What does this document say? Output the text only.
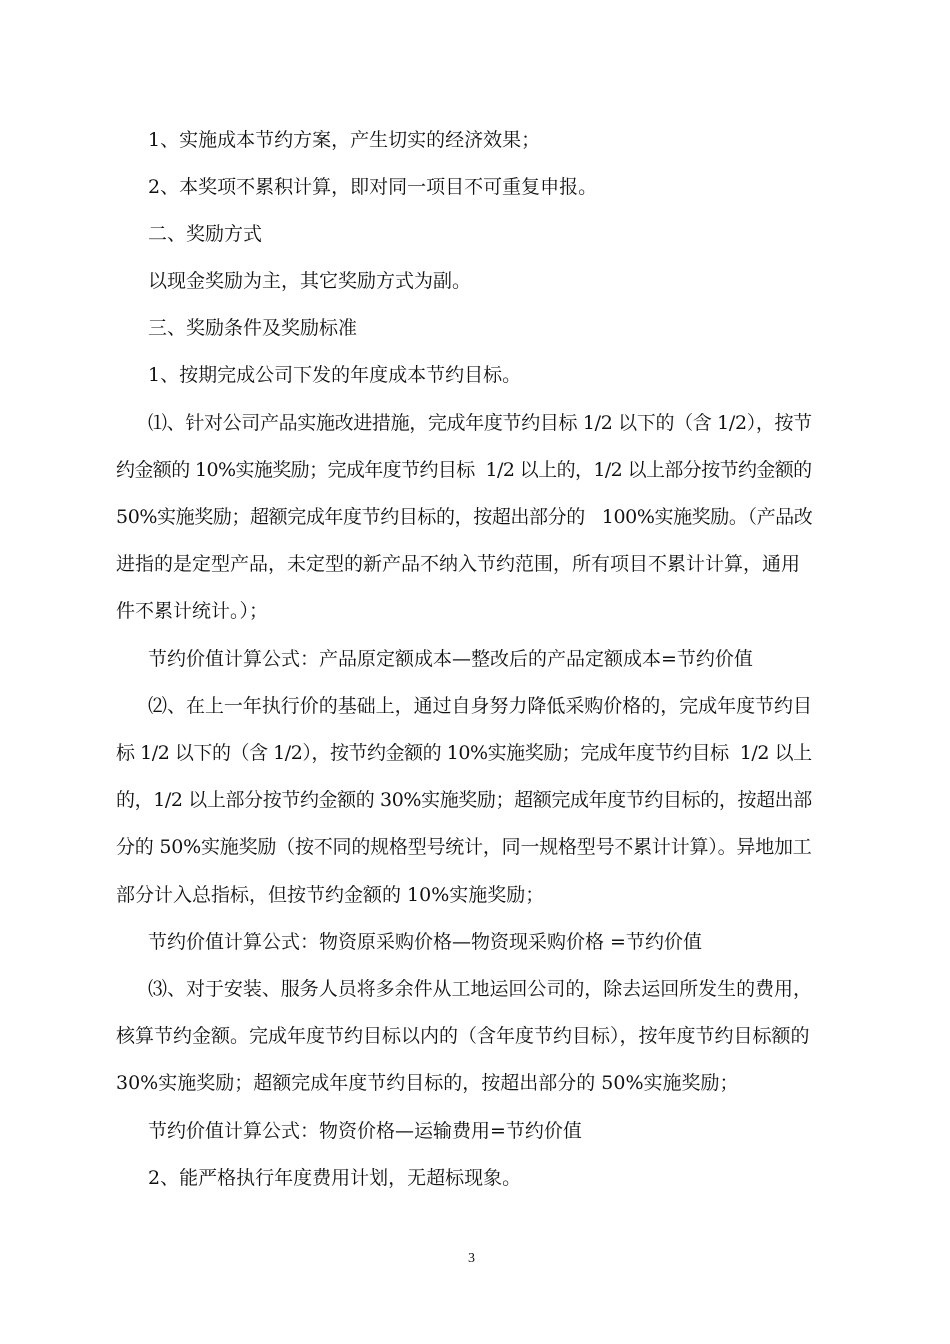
1、实施成本节约方案，产生切实的经济效果；
2、本奖项不累积计算，即对同一项目不可重复申报。
二、奖励方式
以现金奖励为主，其它奖励方式为副。
三、奖励条件及奖励标准
1、按期完成公司下发的年度成本节约目标。
⑴、针对公司产品实施改进措施，完成年度节约目标 1/2 以下的（含 1/2），按节
约金额的 10%实施奖励；完成年度节约目标  1/2 以上的，1/2 以上部分按节约金额的
50%实施奖励；超额完成年度节约目标的，按超出部分的   100%实施奖励。（产品改
进指的是定型产品，未定型的新产品不纳入节约范围，所有项目不累计计算，通用
件不累计统计。）；
节约价值计算公式：产品原定额成本—整改后的产品定额成本=节约价值
⑵、在上一年执行价的基础上，通过自身努力降低采购价格的，完成年度节约目
标 1/2 以下的（含 1/2），按节约金额的 10%实施奖励；完成年度节约目标  1/2 以上
的，1/2 以上部分按节约金额的 30%实施奖励；超额完成年度节约目标的，按超出部
分的 50%实施奖励（按不同的规格型号统计，同一规格型号不累计计算）。异地加工
部分计入总指标，但按节约金额的 10%实施奖励；
节约价值计算公式：物资原采购价格—物资现采购价格 =节约价值
⑶、对于安装、服务人员将多余件从工地运回公司的，除去运回所发生的费用，
核算节约金额。完成年度节约目标以内的（含年度节约目标），按年度节约目标额的
30%实施奖励；超额完成年度节约目标的，按超出部分的 50%实施奖励；
节约价值计算公式：物资价格—运输费用=节约价值
2、能严格执行年度费用计划，无超标现象。
3
